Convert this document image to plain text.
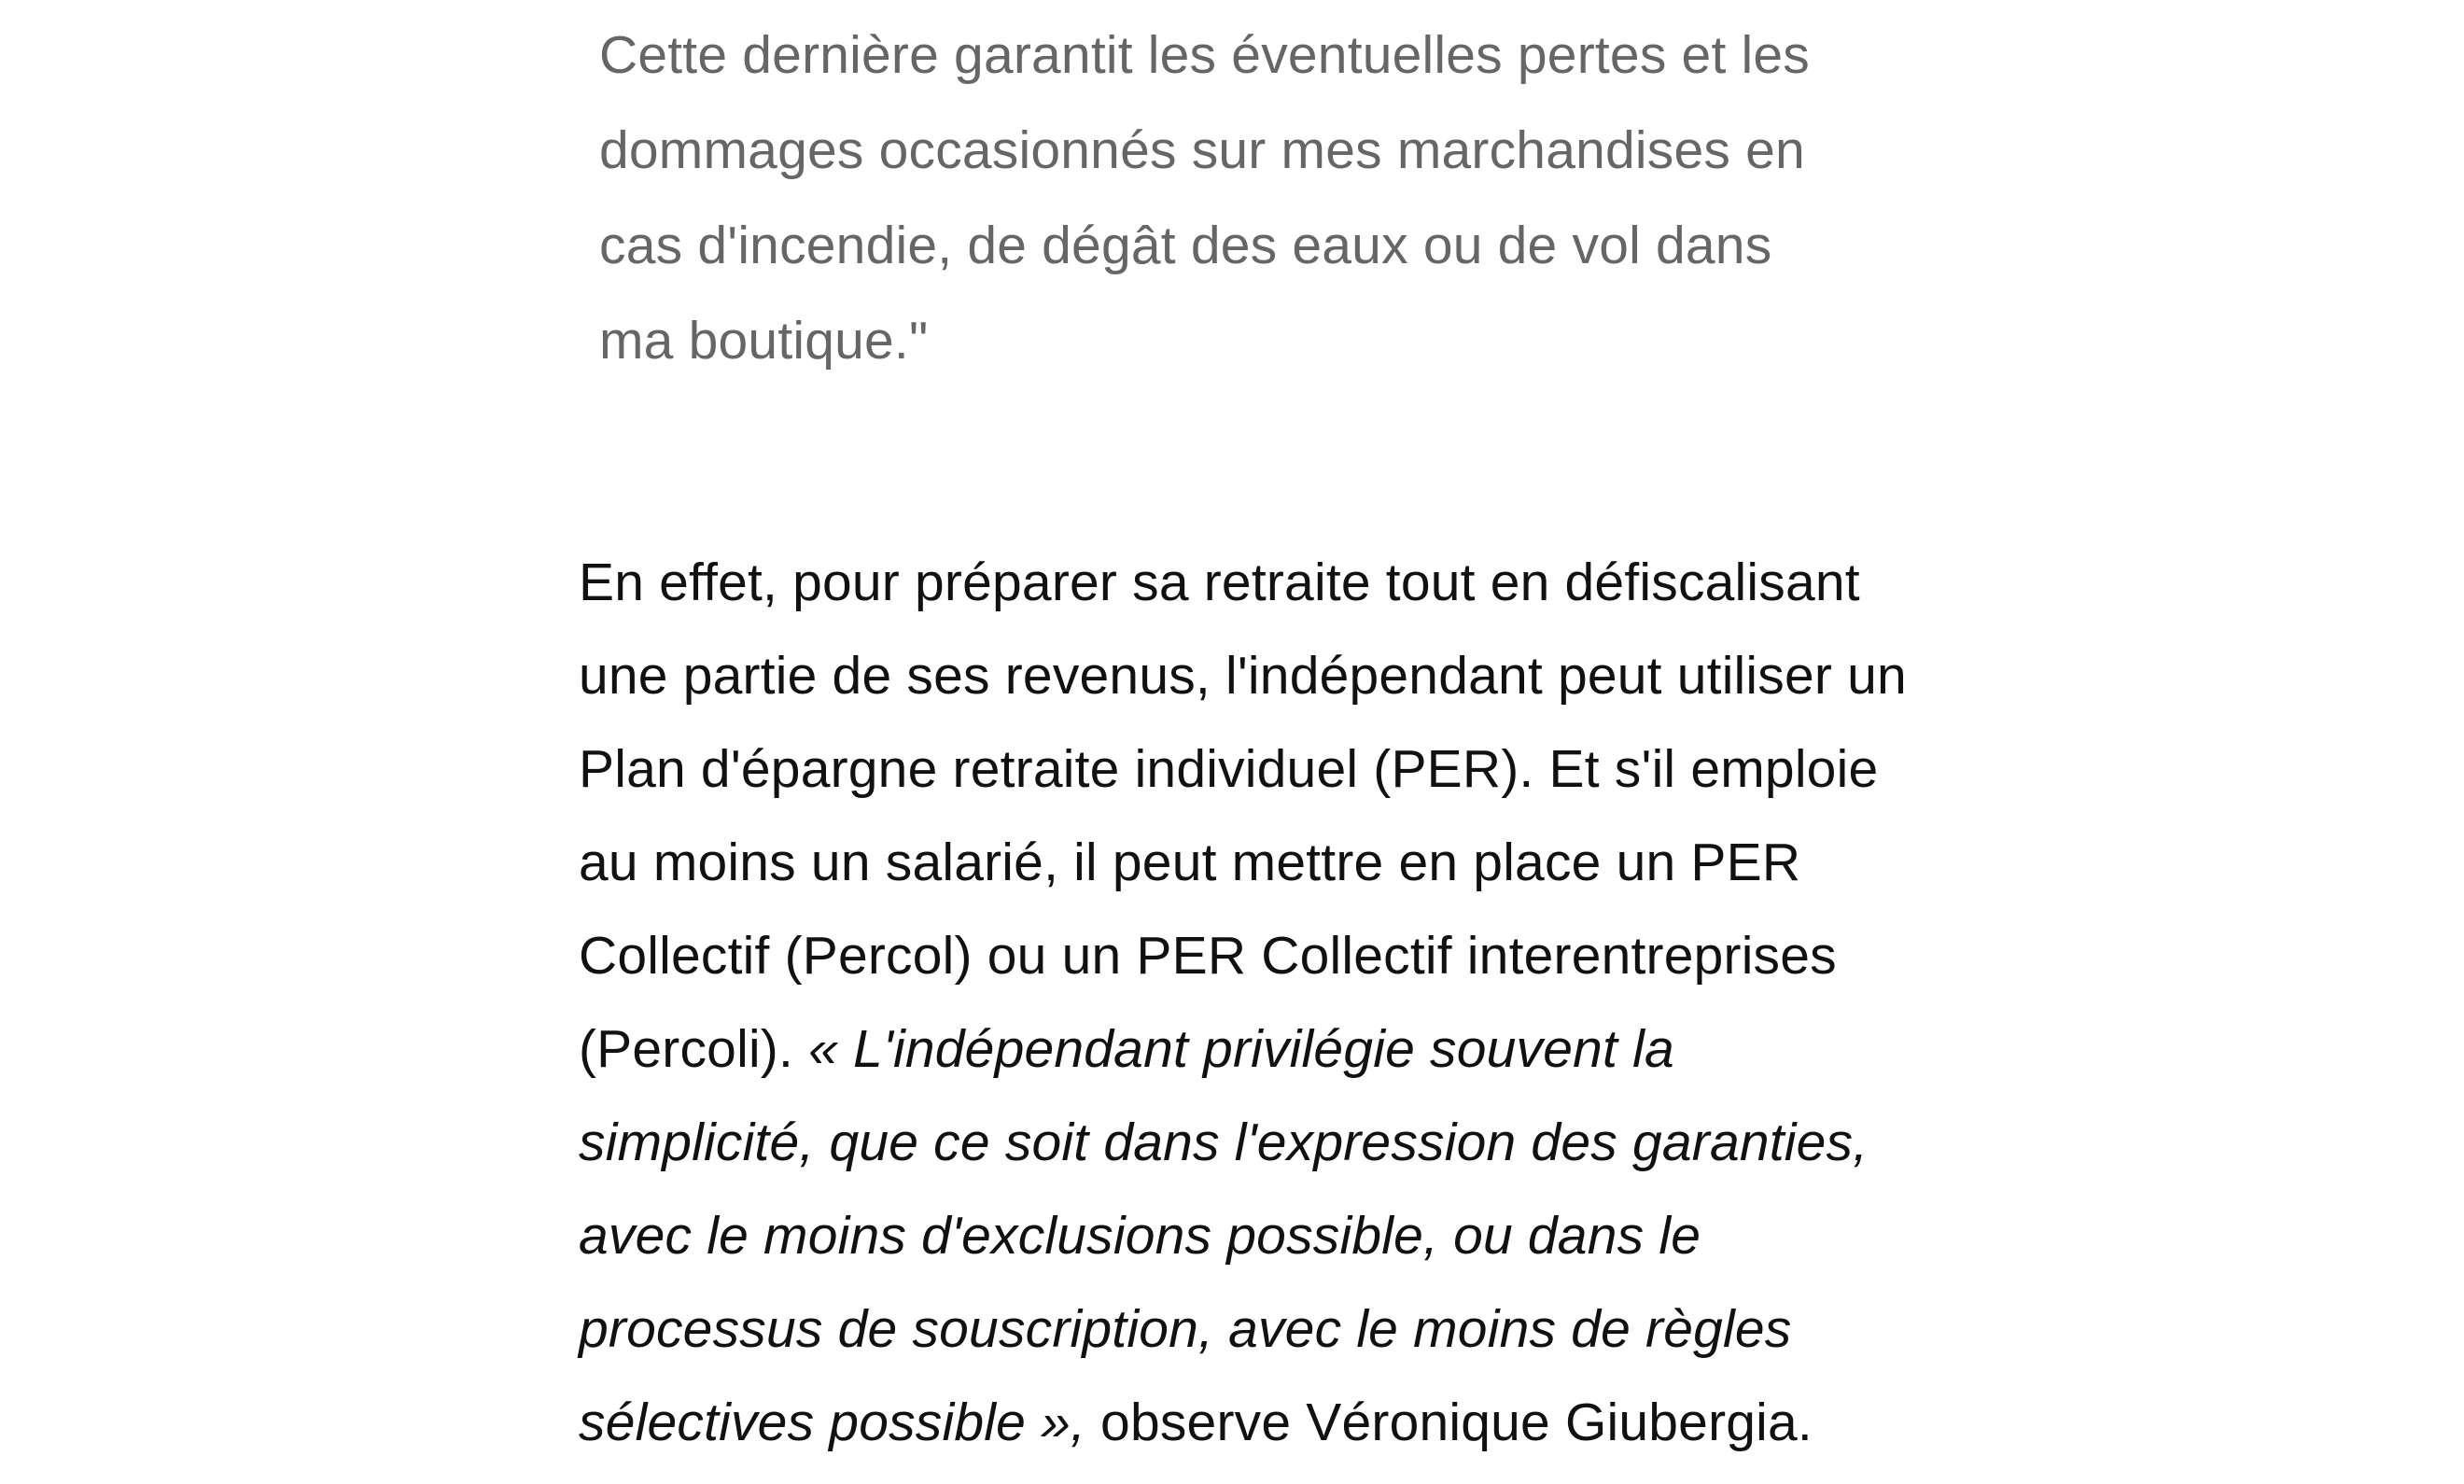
Cette dernière garantit les éventuelles pertes et les
dommages occasionnés sur mes marchandises en
cas d'incendie, de dégât des eaux ou de vol dans
ma boutique."
En effet, pour préparer sa retraite tout en défiscalisant
une partie de ses revenus, l'indépendant peut utiliser un
Plan d'épargne retraite individuel (PER). Et s'il emploie
au moins un salarié, il peut mettre en place un PER
Collectif (Percol) ou un PER Collectif interentreprises
(Percoli). « L'indépendant privilégie souvent la
simplicité, que ce soit dans l'expression des garanties,
avec le moins d'exclusions possible, ou dans le
processus de souscription, avec le moins de règles
sélectives possible », observe Véronique Giubergia.
